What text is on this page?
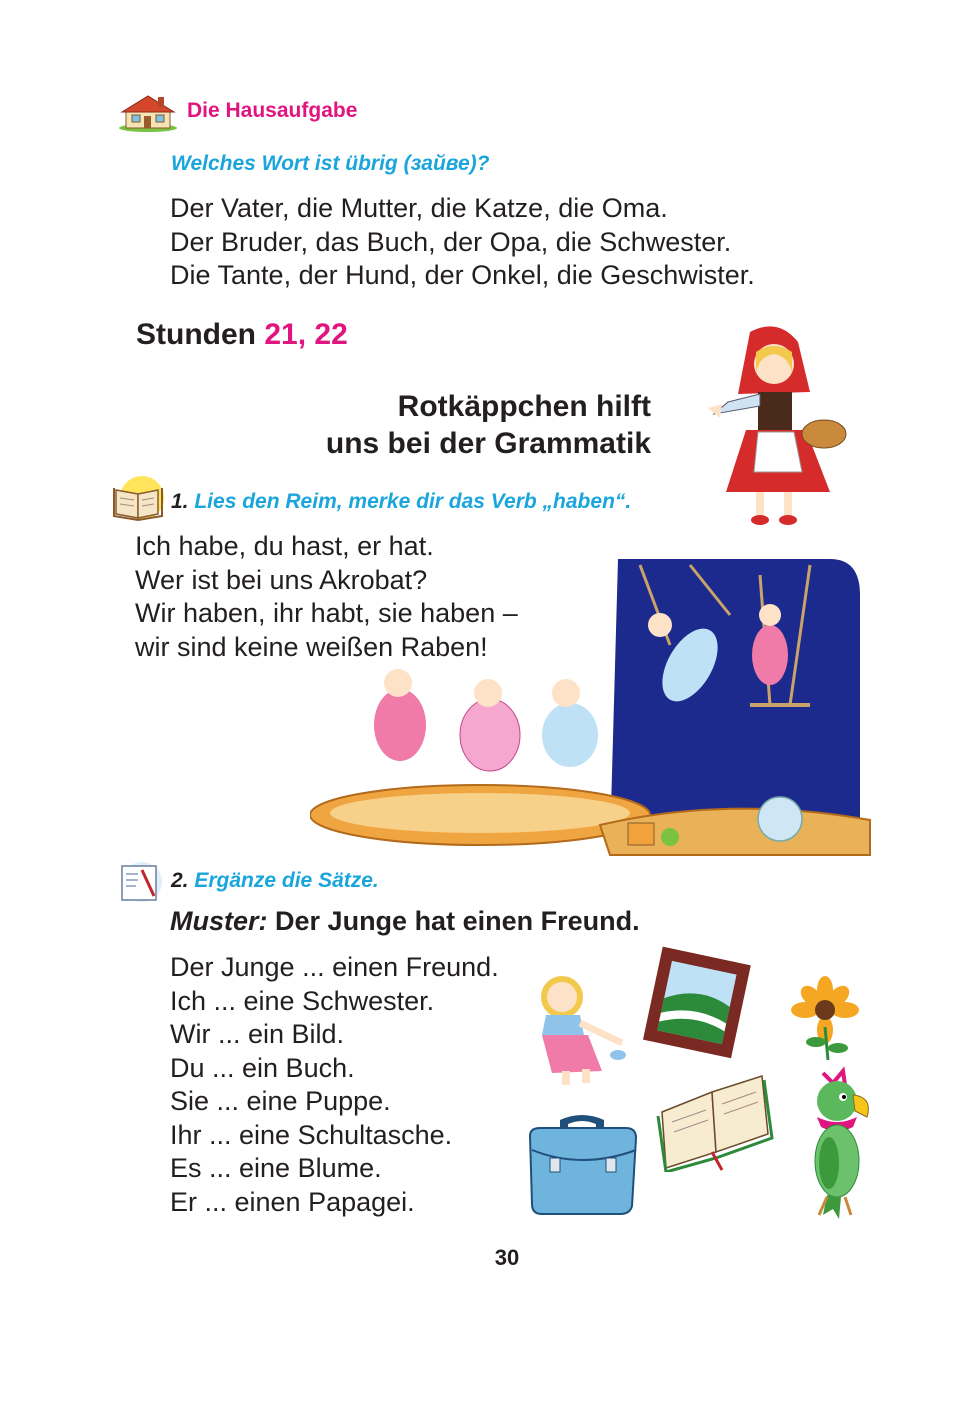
Die Hausaufgabe
Welches Wort ist übrig (зайве)?
Der Vater, die Mutter, die Katze, die Oma.
Der Bruder, das Buch, der Opa, die Schwester.
Die Tante, der Hund, der Onkel, die Geschwister.
Stunden 21, 22
Rotkäppchen hilft
uns bei der Grammatik
1. Lies den Reim, merke dir das Verb „haben“.
Ich habe, du hast, er hat.
Wer ist bei uns Akrobat?
Wir haben, ihr habt, sie haben –
wir sind keine weißen Raben!
2. Ergänze die Sätze.
Muster: Der Junge hat einen Freund.
Der Junge ... einen Freund.
Ich ... eine Schwester.
Wir ... ein Bild.
Du ... ein Buch.
Sie ... eine Puppe.
Ihr ... eine Schultasche.
Es ... eine Blume.
Er ... einen Papagei.
30
